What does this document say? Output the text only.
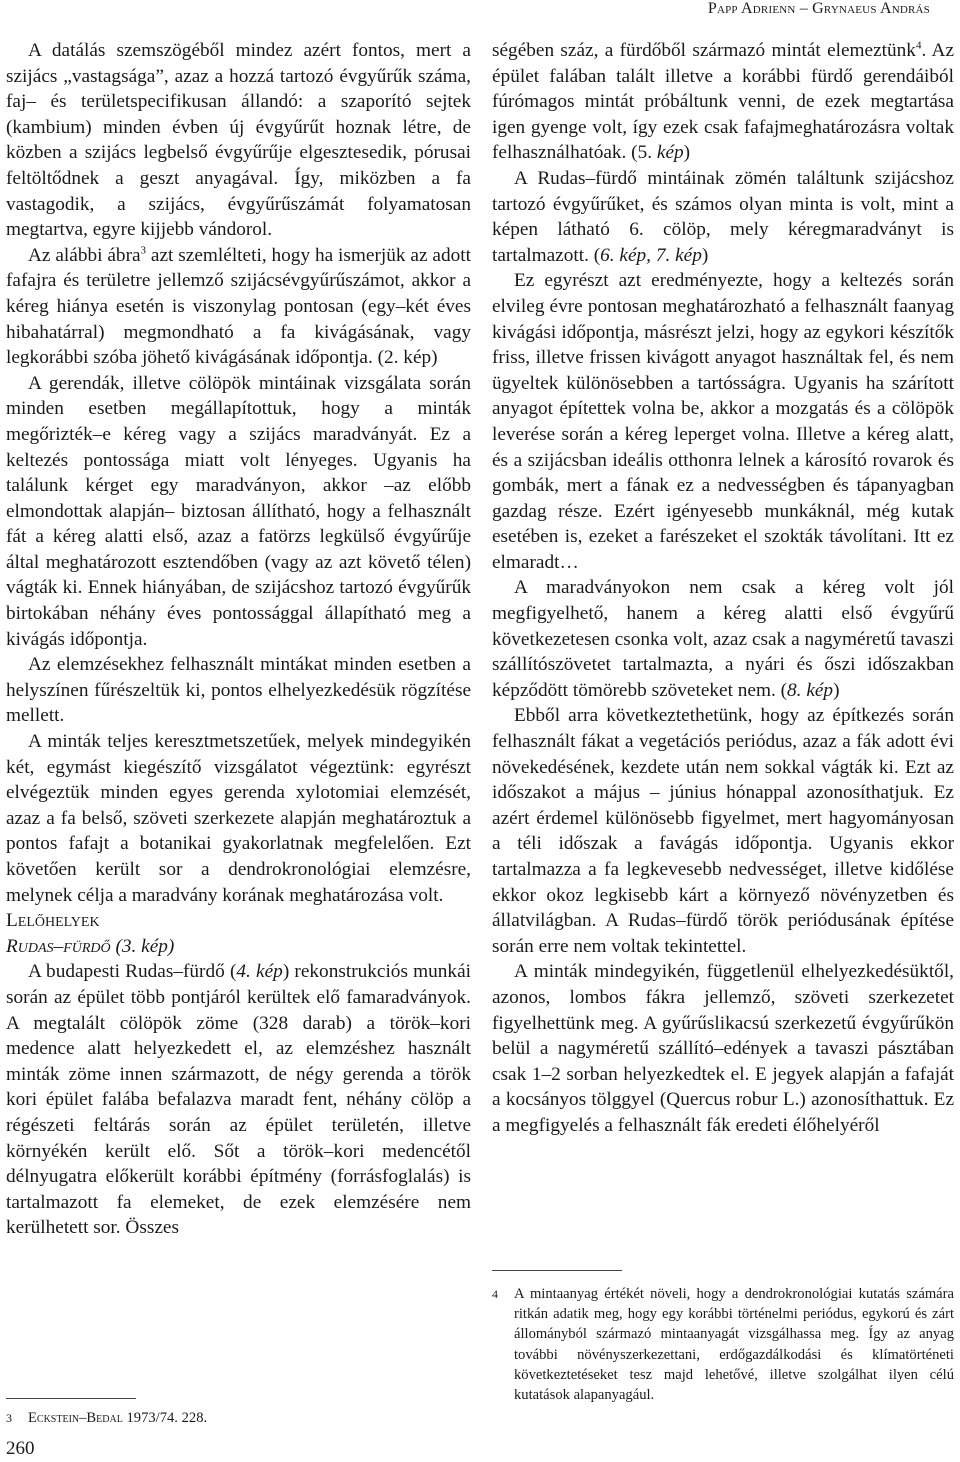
Papp Adrienn – Grynaeus András

A datálás szemszögéből mindez azért fontos, mert a szijács „vastagsága”, azaz a hozzá tartozó évgyűrűk száma, faj– és területspecifikusan állandó: a szaporító sejtek (kambium) minden évben új évgyűrűt hoznak létre, de közben a szijács legbelső évgyűrűje elgesztesedik, pórusai feltöltődnek a geszt anyagával. Így, miközben a fa vastagodik, a szijács, évgyűrűszámát folyamatosan megtartva, egyre kijjebb vándorol.

Az alábbi ábra$^3$ azt szemlélteti, hogy ha ismerjük az adott fafajra és területre jellemző szijácsévgyűrűszámot, akkor a kéreg hiánya esetén is viszonylag pontosan (egy–két éves hibahatárral) megmondható a fa kivágásának, vagy legkorábbi szóba jöhető kivágásának időpontja. (2. kép)

A gerendák, illetve cölöpök mintáinak vizsgálata során minden esetben megállapítottuk, hogy a minták megőrizték–e kéreg vagy a szijács maradványát. Ez a keltezés pontossága miatt volt lényeges. Ugyanis ha találunk kérget egy maradványon, akkor –az előbb elmondottak alapján– biztosan állítható, hogy a felhasznált fát a kéreg alatti első, azaz a fatörzs legkülső évgyűrűje által meghatározott esztendőben (vagy az azt követő télen) vágták ki. Ennek hiányában, de szijácshoz tartozó évgyűrűk birtokában néhány éves pontossággal állapítható meg a kivágás időpontja.

Az elemzésekhez felhasznált mintákat minden esetben a helyszínen fűrészeltük ki, pontos elhelyezkedésük rögzítése mellett.

A minták teljes keresztmetszetűek, melyek mindegyikén két, egymást kiegészítő vizsgálatot végeztünk: egyrészt elvégeztük minden egyes gerenda xylotomiai elemzését, azaz a fa belső, szöveti szerkezete alapján meghatároztuk a pontos fafajt a botanikai gyakorlatnak megfelelően. Ezt követően került sor a dendrokronológiai elemzésre, melynek célja a maradvány korának meghatározása volt.

Lelőhelyek

Rudas–fürdő (3. kép)

A budapesti Rudas–fürdő (4. kép) rekonstrukciós munkái során az épület több pontjáról kerültek elő famaradványok. A megtalált cölöpök zöme (328 darab) a török–kori medence alatt helyezkedett el, az elemzéshez használt minták zöme innen származott, de négy gerenda a török kori épület falába befalazva maradt fent, néhány cölöp a régészeti feltárás során az épület területén, illetve környékén került elő. Sőt a török–kori medencétől délnyugatra előkerült korábbi építmény (forrásfoglalás) is tartalmazott fa elemeket, de ezek elemzésére nem kerülhetett sor. Összes

3	Eckstein–Bedal 1973/74. 228.
260

ségében száz, a fürdőből származó mintát elemeztünk$^4$. Az épület falában talált illetve a korábbi fürdő gerendáiból fúrómagos mintát próbáltunk venni, de ezek megtartása igen gyenge volt, így ezek csak fafajmeghatározásra voltak felhasználhatóak. (5. kép)

A Rudas–fürdő mintáinak zömén találtunk szijácshoz tartozó évgyűrűket, és számos olyan minta is volt, mint a képen látható 6. cölöp, mely kéregmaradványt is tartalmazott. (6. kép, 7. kép)

Ez egyrészt azt eredményezte, hogy a keltezés során elvileg évre pontosan meghatározható a felhasznált faanyag kivágási időpontja, másrészt jelzi, hogy az egykori készítők friss, illetve frissen kivágott anyagot használtak fel, és nem ügyeltek különösebben a tartósságra. Ugyanis ha szárított anyagot építettek volna be, akkor a mozgatás és a cölöpök leverése során a kéreg leperget volna. Illetve a kéreg alatt, és a szijácsban ideális otthonra lelnek a károsító rovarok és gombák, mert a fának ez a nedvességben és tápanyagban gazdag része. Ezért igényesebb munkáknál, még kutak esetében is, ezeket a farészeket el szokták távolítani. Itt ez elmaradt…

A maradványokon nem csak a kéreg volt jól megfigyelhető, hanem a kéreg alatti első évgyűrű következetesen csonka volt, azaz csak a nagyméretű tavaszi szállítószövetet tartalmazta, a nyári és őszi időszakban képződött tömörebb szöveteket nem. (8. kép)

Ebből arra következtethetünk, hogy az építkezés során felhasznált fákat a vegetációs periódus, azaz a fák adott évi növekedésének, kezdete után nem sokkal vágták ki. Ezt az időszakot a május – június hónappal azonosíthatjuk. Ez azért érdemel különösebb figyelmet, mert hagyományosan a téli időszak a favágás időpontja. Ugyanis ekkor tartalmazza a fa legkevesebb nedvességet, illetve kidőlése ekkor okoz legkisebb kárt a környező növényzetben és állatvilágban. A Rudas–fürdő török periódusának építése során erre nem voltak tekintettel.

A minták mindegyikén, függetlenül elhelyezkedésüktől, azonos, lombos fákra jellemző, szöveti szerkezetet figyelhettünk meg. A gyűrűslikacsú szerkezetű évgyűrűkön belül a nagyméretű szállító–edények a tavaszi pásztában csak 1–2 sorban helyezkedtek el. E jegyek alapján a fafaját a kocsányos tölggyel (Quercus robur L.) azonosíthattuk. Ez a megfigyelés a felhasznált fák eredeti élőhelyéről

4	A mintaanyag értékét növeli, hogy a dendrokronológiai kutatás számára ritkán adatik meg, hogy egy korábbi történelmi periódus, egykorú és zárt állományból származó mintaanyagát vizsgálhassa meg. Így az anyag további növényszerkezettani, erdőgazdálkodási és klímatörténeti következtetéseket tesz majd lehetővé, illetve szolgálhat ilyen célú kutatások alapanyagául.
